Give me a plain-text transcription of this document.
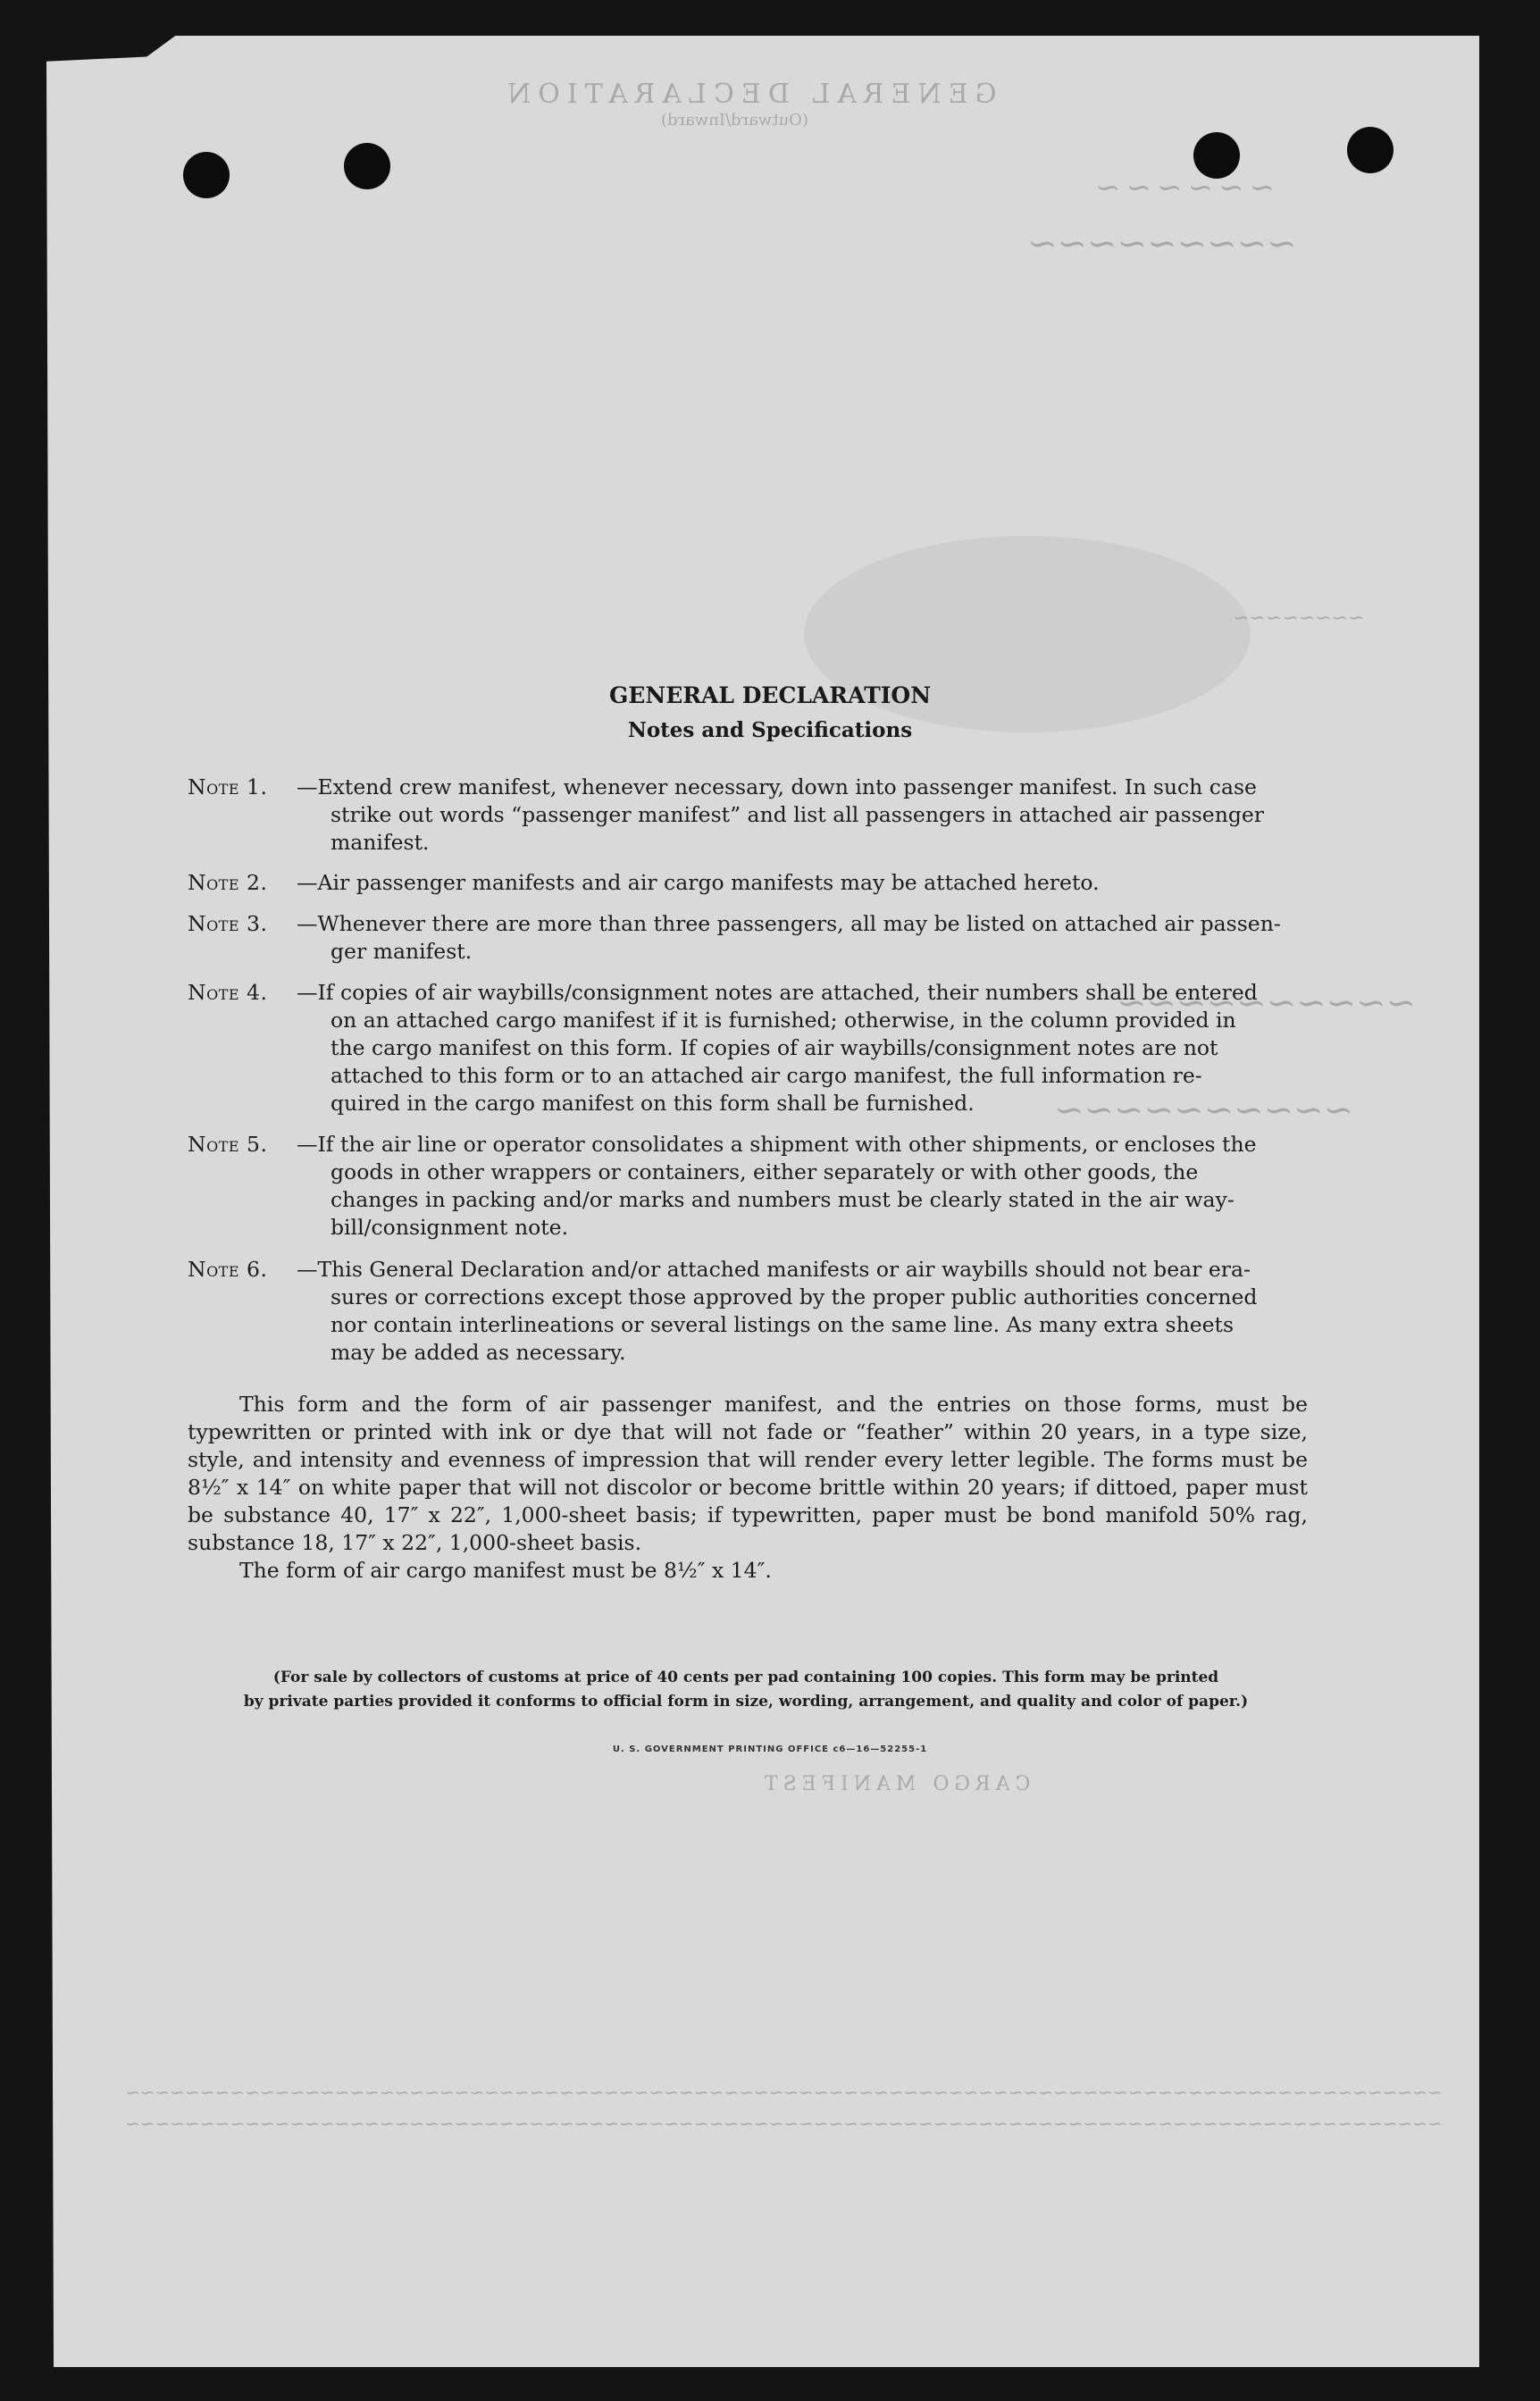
GENERAL DECLARATION
(Outward/Inward)
~~~~~~
~~~~~~~~~
~~~~~~~~
~~~~~~~~~~
~~~~~~~~~~
CARGO MANIFEST
~~~~~~~~~~~~~~~~~~~~~~~~~~~~~~~~~~~~~~~~~~~~~~~~~~~~~~~~~~~~~~~~~~~~~~~~~~~~~~~~~~~~~~~~
~~~~~~~~~~~~~~~~~~~~~~~~~~~~~~~~~~~~~~~~~~~~~~~~~~~~~~~~~~~~~~~~~~~~~~~~~~~~~~~~~~~~~~~~
GENERAL DECLARATION
Notes and Specifications
Note 1. —Extend crew manifest, whenever necessary, down into passenger manifest. In such case
strike out words “passenger manifest” and list all passengers in attached air passenger
manifest.
Note 2. —Air passenger manifests and air cargo manifests may be attached hereto.
Note 3. —Whenever there are more than three passengers, all may be listed on attached air passen-
ger manifest.
Note 4. —If copies of air waybills/consignment notes are attached, their numbers shall be entered
on an attached cargo manifest if it is furnished; otherwise, in the column provided in
the cargo manifest on this form. If copies of air waybills/consignment notes are not
attached to this form or to an attached air cargo manifest, the full information re-
quired in the cargo manifest on this form shall be furnished.
Note 5. —If the air line or operator consolidates a shipment with other shipments, or encloses the
goods in other wrappers or containers, either separately or with other goods, the
changes in packing and/or marks and numbers must be clearly stated in the air way-
bill/consignment note.
Note 6. —This General Declaration and/or attached manifests or air waybills should not bear era-
sures or corrections except those approved by the proper public authorities concerned
nor contain interlineations or several listings on the same line. As many extra sheets
may be added as necessary.
This form and the form of air passenger manifest, and the entries on those forms, must be typewritten or printed with ink or dye that will not fade or “feather” within 20 years, in a type size, style, and intensity and evenness of impression that will render every letter legible. The forms must be 8½″ x 14″ on white paper that will not discolor or become brittle within 20 years; if dittoed, paper must be substance 40, 17″ x 22″, 1,000-sheet basis; if typewritten, paper must be bond manifold 50% rag, substance 18, 17″ x 22″, 1,000-sheet basis.
The form of air cargo manifest must be 8½″ x 14″.
(For sale by collectors of customs at price of 40 cents per pad containing 100 copies. This form may be printed
by private parties provided it conforms to official form in size, wording, arrangement, and quality and color of paper.)
U. S. GOVERNMENT PRINTING OFFICE c6—16—52255-1
